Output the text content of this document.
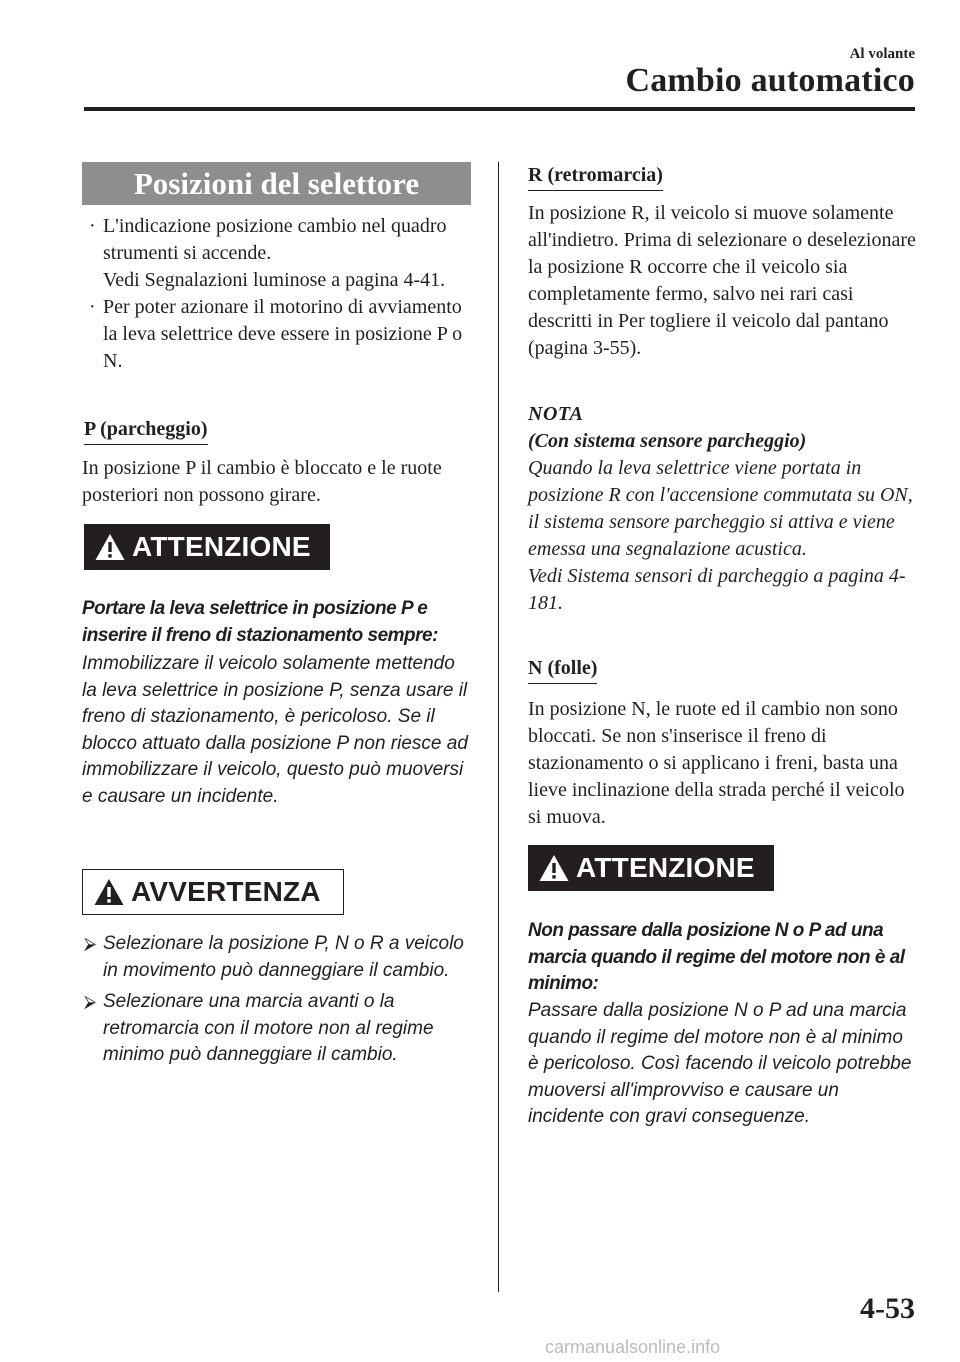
Al volante
Cambio automatico
Posizioni del selettore
· L'indicazione posizione cambio nel quadro strumenti si accende.
Vedi Segnalazioni luminose a pagina 4-41.
· Per poter azionare il motorino di avviamento la leva selettrice deve essere in posizione P o N.
P (parcheggio)

In posizione P il cambio è bloccato e le ruote posteriori non possono girare.

ATTENZIONE

Portare la leva selettrice in posizione P e inserire il freno di stazionamento sempre:

Immobilizzare il veicolo solamente mettendo la leva selettrice in posizione P, senza usare il freno di stazionamento, è pericoloso. Se il blocco attuato dalla posizione P non riesce ad immobilizzare il veicolo, questo può muoversi e causare un incidente.

AVVERTENZA
⮚ Selezionare la posizione P, N o R a veicolo in movimento può danneggiare il cambio.
⮚ Selezionare una marcia avanti o la retromarcia con il motore non al regime minimo può danneggiare il cambio.
R (retromarcia)

In posizione R, il veicolo si muove solamente all'indietro. Prima di selezionare o deselezionare la posizione R occorre che il veicolo sia completamente fermo, salvo nei rari casi descritti in Per togliere il veicolo dal pantano (pagina 3-55).

NOTA
(Con sistema sensore parcheggio)
Quando la leva selettrice viene portata in posizione R con l'accensione commutata su ON, il sistema sensore parcheggio si attiva e viene emessa una segnalazione acustica.
Vedi Sistema sensori di parcheggio a pagina 4-181.
N (folle)

In posizione N, le ruote ed il cambio non sono bloccati. Se non s'inserisce il freno di stazionamento o si applicano i freni, basta una lieve inclinazione della strada perché il veicolo si muova.

ATTENZIONE

Non passare dalla posizione N o P ad una marcia quando il regime del motore non è al minimo:

Passare dalla posizione N o P ad una marcia quando il regime del motore non è al minimo è pericoloso. Così facendo il veicolo potrebbe muoversi all'improvviso e causare un incidente con gravi conseguenze.

4-53
carmanualsonline.info
